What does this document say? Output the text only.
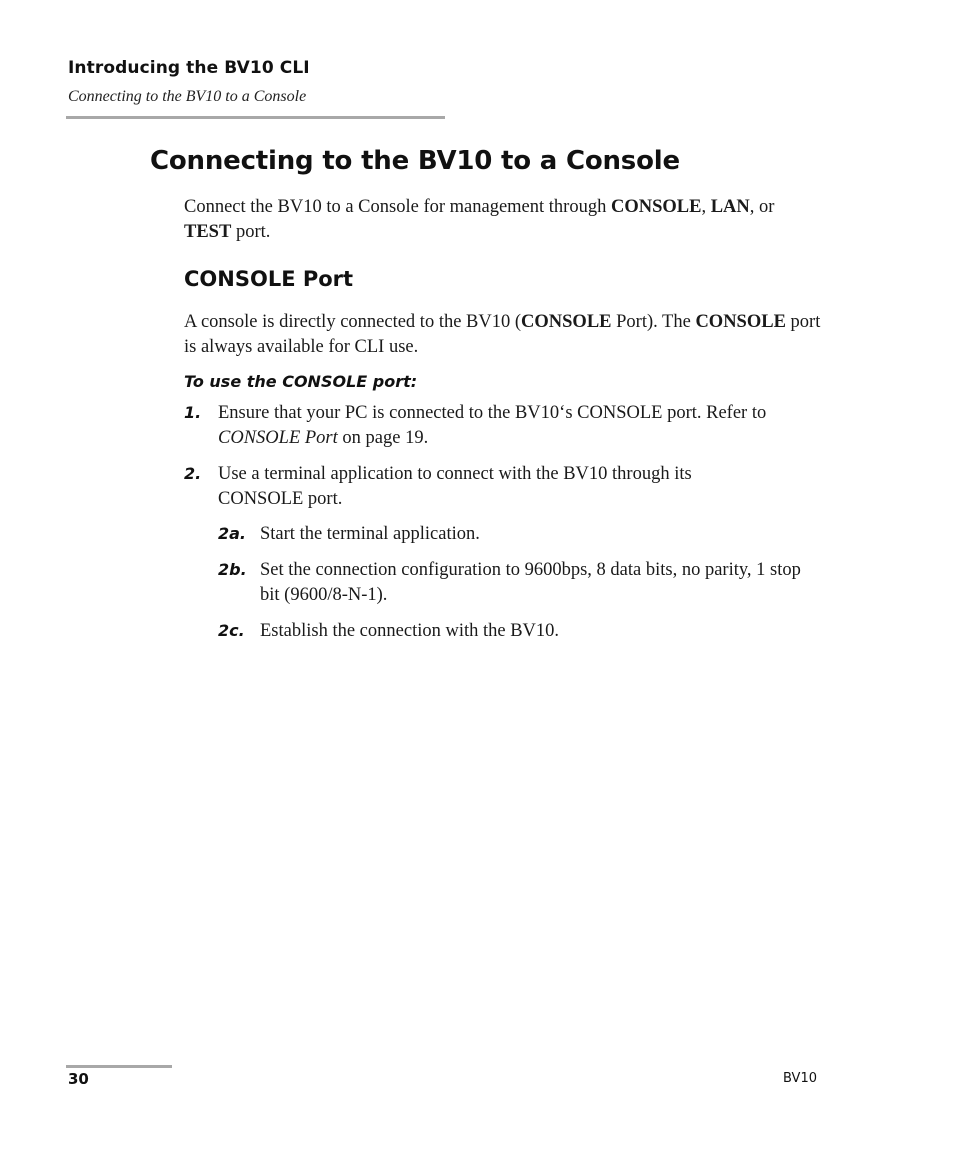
Introducing the BV10 CLI
Connecting to the BV10 to a Console
Connecting to the BV10 to a Console

Connect the BV10 to a Console for management through CONSOLE, LAN, or TEST port.

CONSOLE Port

A console is directly connected to the BV10 (CONSOLE Port). The CONSOLE port is always available for CLI use.

To use the CONSOLE port:
1. Ensure that your PC is connected to the BV10‘s CONSOLE port. Refer to CONSOLE Port on page 19.

2. Use a terminal application to connect with the BV10 through its CONSOLE port.

2a. Start the terminal application.

2b. Set the connection configuration to 9600bps, 8 data bits, no parity, 1 stop bit (9600/8-N-1).

2c. Establish the connection with the BV10.

30	BV10
